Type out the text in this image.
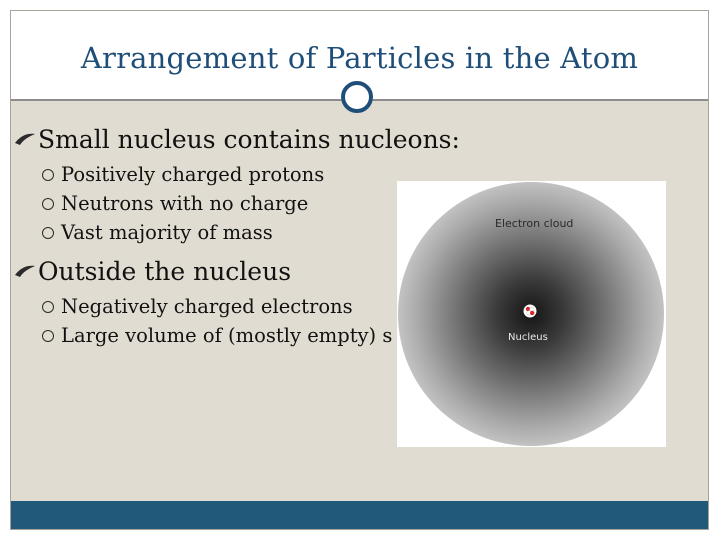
Arrangement of Particles in the Atom
Small nucleus contains nucleons:
Positively charged protons
Neutrons with no charge
Vast majority of mass
Outside the nucleus
Negatively charged electrons
Large volume of (mostly empty) s
Electron cloud
Nucleus
